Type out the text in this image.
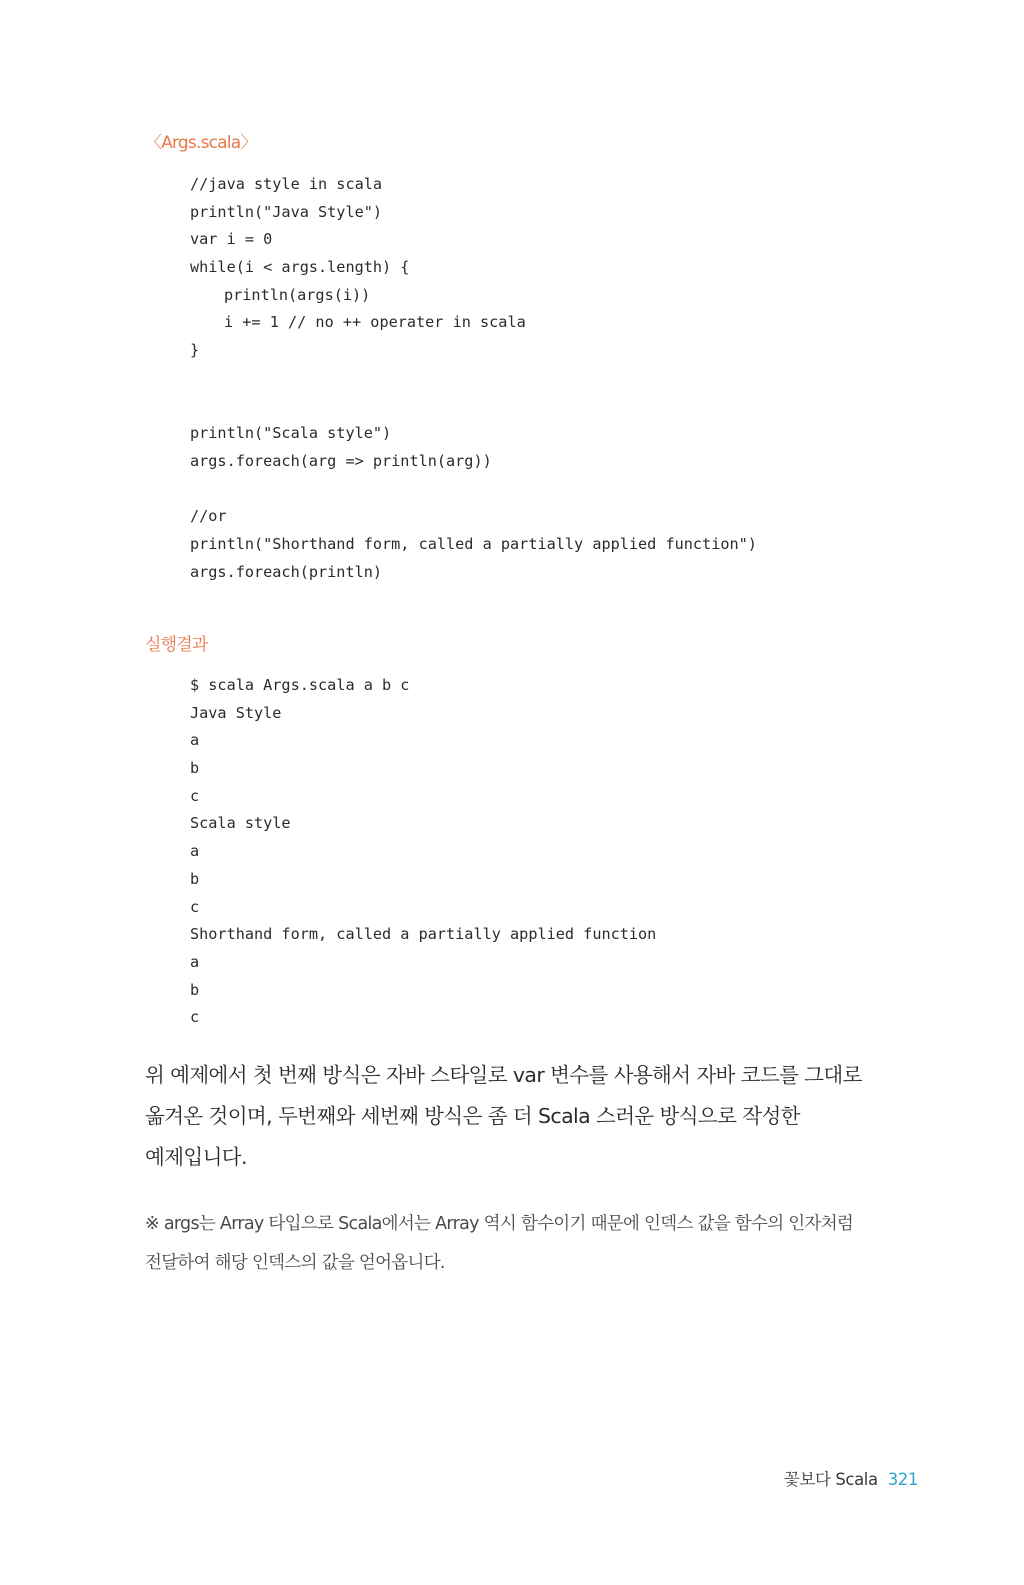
〈Args.scala〉
//java style in scala
println("Java Style")
var i = 0
while(i < args.length) {
println(args(i))
i += 1 // no ++ operater in scala
}
println("Scala style")
args.foreach(arg => println(arg))
//or
println("Shorthand form, called a partially applied function")
args.foreach(println)
실행결과
$ scala Args.scala a b c
Java Style
a
b
c
Scala style
a
b
c
Shorthand form, called a partially applied function
a
b
c

위 예제에서 첫 번째 방식은 자바 스타일로 var 변수를 사용해서 자바 코드를 그대로 옮겨온 것이며, 두번째와 세번째 방식은 좀 더 Scala 스러운 방식으로 작성한 예제입니다.

※ args는 Array 타입으로 Scala에서는 Array 역시 함수이기 때문에 인덱스 값을 함수의 인자처럼 전달하여 해당 인덱스의 값을 얻어옵니다.

꽃보다 Scala 321
